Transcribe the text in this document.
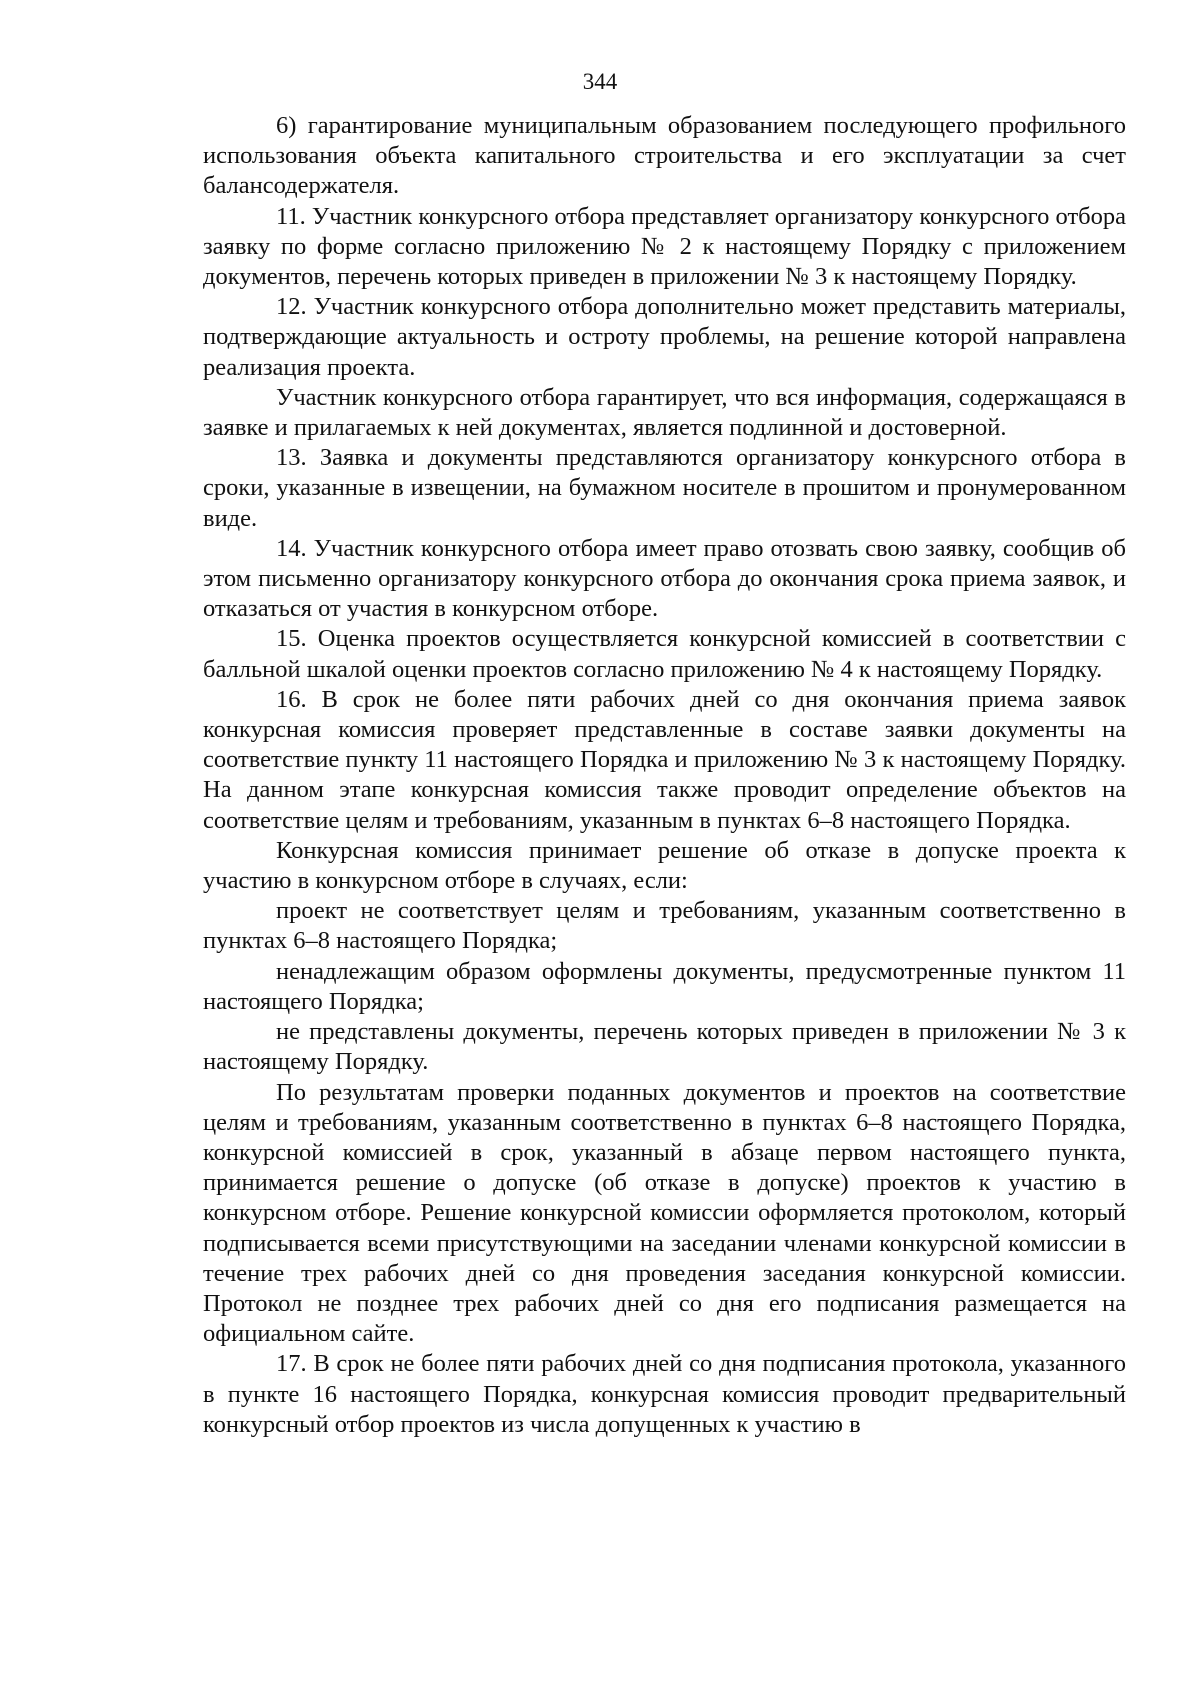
344

6) гарантирование муниципальным образованием последующего профильного использования объекта капитального строительства и его эксплуатации за счет балансодержателя.

11. Участник конкурсного отбора представляет организатору конкурсного отбора заявку по форме согласно приложению № 2 к настоящему Порядку с приложением документов, перечень которых приведен в приложении № 3 к настоящему Порядку.

12. Участник конкурсного отбора дополнительно может представить материалы, подтверждающие актуальность и остроту проблемы, на решение которой направлена реализация проекта.

Участник конкурсного отбора гарантирует, что вся информация, содержащаяся в заявке и прилагаемых к ней документах, является подлинной и достоверной.

13. Заявка и документы представляются организатору конкурсного отбора в сроки, указанные в извещении, на бумажном носителе в прошитом и пронумерованном виде.

14. Участник конкурсного отбора имеет право отозвать свою заявку, сообщив об этом письменно организатору конкурсного отбора до окончания срока приема заявок, и отказаться от участия в конкурсном отборе.

15. Оценка проектов осуществляется конкурсной комиссией в соответствии с балльной шкалой оценки проектов согласно приложению № 4 к настоящему Порядку.

16. В срок не более пяти рабочих дней со дня окончания приема заявок конкурсная комиссия проверяет представленные в составе заявки документы на соответствие пункту 11 настоящего Порядка и приложению № 3 к настоящему Порядку. На данном этапе конкурсная комиссия также проводит определение объектов на соответствие целям и требованиям, указанным в пунктах 6–8 настоящего Порядка.

Конкурсная комиссия принимает решение об отказе в допуске проекта к участию в конкурсном отборе в случаях, если:

проект не соответствует целям и требованиям, указанным соответственно в пунктах 6–8 настоящего Порядка;

ненадлежащим образом оформлены документы, предусмотренные пунктом 11 настоящего Порядка;

не представлены документы, перечень которых приведен в приложении № 3 к настоящему Порядку.

По результатам проверки поданных документов и проектов на соответствие целям и требованиям, указанным соответственно в пунктах 6–8 настоящего Порядка, конкурсной комиссией в срок, указанный в абзаце первом настоящего пункта, принимается решение о допуске (об отказе в допуске) проектов к участию в конкурсном отборе. Решение конкурсной комиссии оформляется протоколом, который подписывается всеми присутствующими на заседании членами конкурсной комиссии в течение трех рабочих дней со дня проведения заседания конкурсной комиссии. Протокол не позднее трех рабочих дней со дня его подписания размещается на официальном сайте.

17. В срок не более пяти рабочих дней со дня подписания протокола, указанного в пункте 16 настоящего Порядка, конкурсная комиссия проводит предварительный конкурсный отбор проектов из числа допущенных к участию в
